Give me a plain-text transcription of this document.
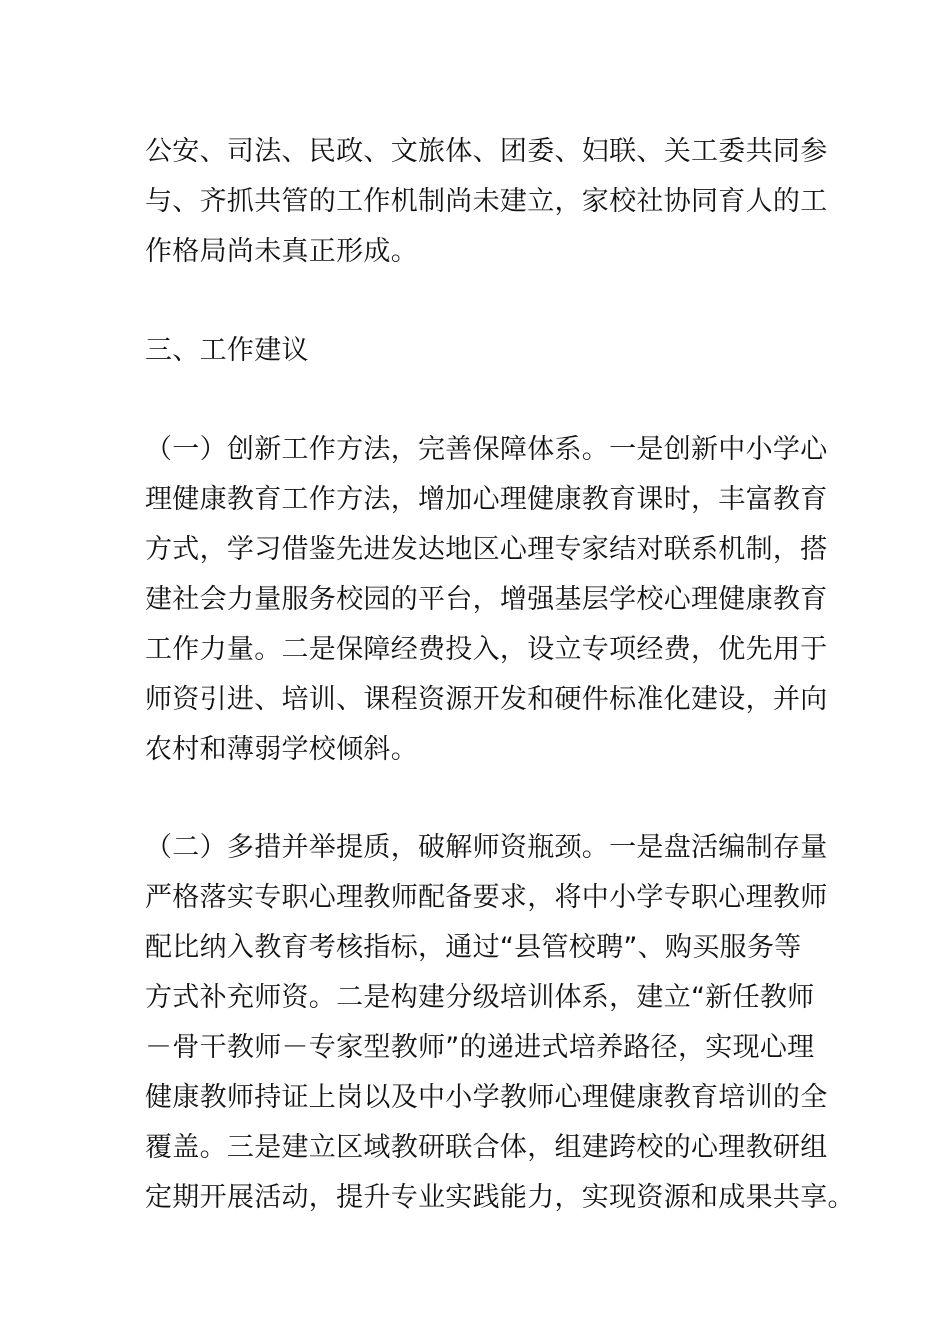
公安、司法、民政、文旅体、团委、妇联、关工委共同参
与、齐抓共管的工作机制尚未建立，家校社协同育人的工
作格局尚未真正形成。
三、工作建议
（一）创新工作方法，完善保障体系。一是创新中小学心
理健康教育工作方法，增加心理健康教育课时，丰富教育
方式，学习借鉴先进发达地区心理专家结对联系机制，搭
建社会力量服务校园的平台，增强基层学校心理健康教育
工作力量。二是保障经费投入，设立专项经费，优先用于
师资引进、培训、课程资源开发和硬件标准化建设，并向
农村和薄弱学校倾斜。
（二）多措并举提质，破解师资瓶颈。一是盘活编制存量
严格落实专职心理教师配备要求，将中小学专职心理教师
配比纳入教育考核指标，通过“县管校聘”、购买服务等
方式补充师资。二是构建分级培训体系，建立“新任教师
－骨干教师－专家型教师”的递进式培养路径，实现心理
健康教师持证上岗以及中小学教师心理健康教育培训的全
覆盖。三是建立区域教研联合体，组建跨校的心理教研组
定期开展活动，提升专业实践能力，实现资源和成果共享。
